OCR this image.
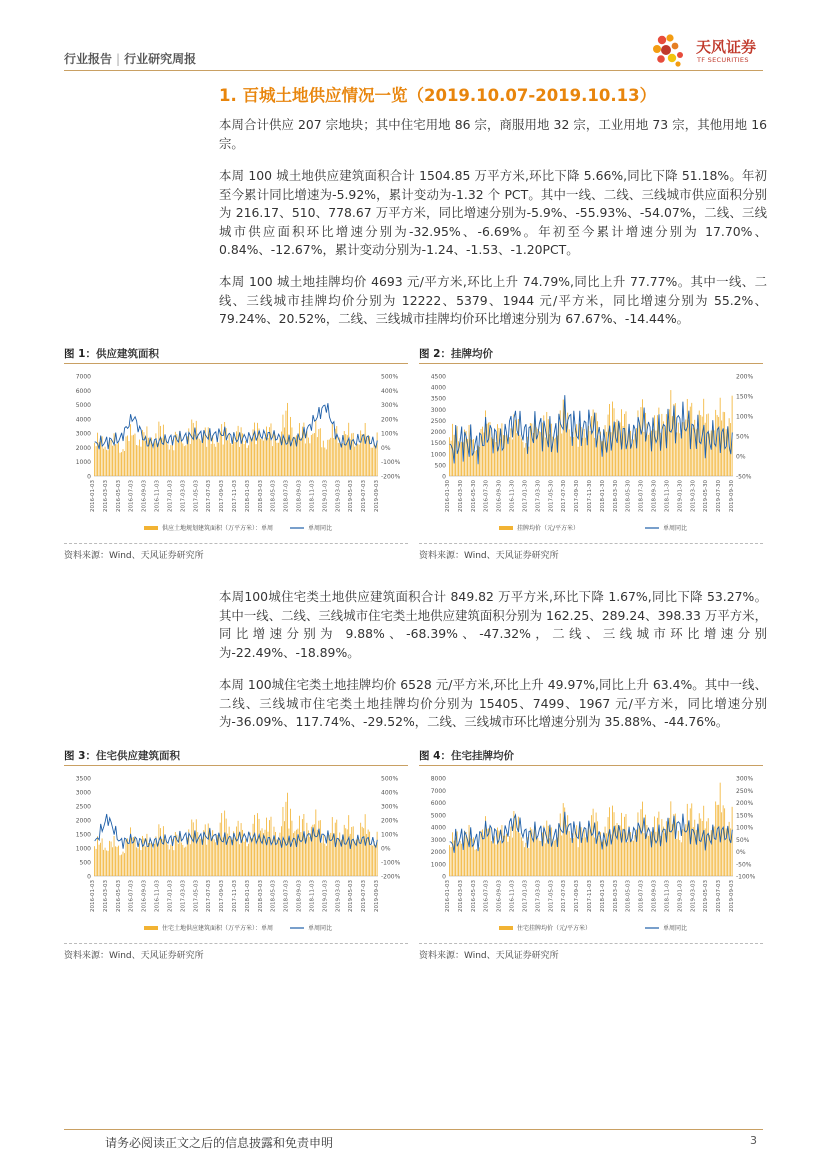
行业报告 | 行业研究周报
天风证券
TF SECURITIES
1. 百城土地供应情况一览（2019.10.07-2019.10.13）
本周合计供应 207 宗地块；其中住宅用地 86 宗，商服用地 32 宗，工业用地 73 宗，其他用地 16 宗。
本周 100 城土地供应建筑面积合计 1504.85 万平方米,环比下降 5.66%,同比下降 51.18%。年初至今累计同比增速为-5.92%，累计变动为-1.32 个 PCT。其中一线、二线、三线城市供应面积分别为 216.17、510、778.67 万平方米，同比增速分别为-5.9%、-55.93%、-54.07%，二线、三线城市供应面积环比增速分别为-32.95%、-6.69%。年初至今累计增速分别为 17.70%、0.84%、-12.67%，累计变动分别为-1.24、-1.53、-1.20PCT。
本周 100 城土地挂牌均价 4693 元/平方米,环比上升 74.79%,同比上升 77.77%。其中一线、二线、三线城市挂牌均价分别为 12222、5379、1944 元/平方米，同比增速分别为 55.2%、79.24%、20.52%，二线、三线城市挂牌均价环比增速分别为 67.67%、-14.44%。
图 1：供应建筑面积
7000
6000
5000
4000
3000
2000
1000
0
500%
400%
300%
200%
100%
0%
-100%
-200%
2016-01-03 2016-03-03 2016-05-03 2016-07-03 2016-09-03 2016-11-03 2017-01-03 2017-03-03 2017-05-03 2017-07-03 2017-09-03 2017-11-03 2018-01-03 2018-03-03 2018-05-03 2018-07-03 2018-09-03 2018-11-03 2019-01-03 2019-03-03 2019-05-03 2019-07-03 2019-09-03
供应土地规划建筑面积（万平方米）：单周	单周同比
资料来源：Wind、天风证券研究所
图 2：挂牌均价
4500
4000
3500
3000
2500
2000
1500
1000
500
0
200%
150%
100%
50%
0%
-50%
2016-01-30 2016-03-30 2016-05-30 2016-07-30 2016-09-30 2016-11-30 2017-01-30 2017-03-30 2017-05-30 2017-07-30 2017-09-30 2017-11-30 2018-01-30 2018-03-30 2018-05-30 2018-07-30 2018-09-30 2018-11-30 2019-01-30 2019-03-30 2019-05-30 2019-07-30 2019-09-30
挂牌均价（元/平方米）	单周同比
资料来源：Wind、天风证券研究所
本周100城住宅类土地供应建筑面积合计 849.82 万平方米,环比下降 1.67%,同比下降 53.27%。其中一线、二线、三线城市住宅类土地供应建筑面积分别为 162.25、289.24、398.33 万平方米，同比增速分别为 9.88%、-68.39%、-47.32%，二线、三线城市环比增速分别为-22.49%、-18.89%。
本周 100城住宅类土地挂牌均价 6528 元/平方米,环比上升 49.97%,同比上升 63.4%。其中一线、二线、三线城市住宅类土地挂牌均价分别为 15405、7499、1967 元/平方米，同比增速分别为-36.09%、117.74%、-29.52%，二线、三线城市环比增速分别为 35.88%、-44.76%。
图 3：住宅供应建筑面积
3500
3000
2500
2000
1500
1000
500
0
500%
400%
300%
200%
100%
0%
-100%
-200%
2016-01-03 2016-03-03 2016-05-03 2016-07-03 2016-09-03 2016-11-03 2017-01-03 2017-03-03 2017-05-03 2017-07-03 2017-09-03 2017-11-03 2018-01-03 2018-03-03 2018-05-03 2018-07-03 2018-09-03 2018-11-03 2019-01-03 2019-03-03 2019-05-03 2019-07-03 2019-09-03
住宅土地供应建筑面积（万平方米）：单周	单周同比
资料来源：Wind、天风证券研究所
图 4：住宅挂牌均价
8000
7000
6000
5000
4000
3000
2000
1000
0
300%
250%
200%
150%
100%
50%
0%
-50%
-100%
2016-01-03 2016-03-03 2016-05-03 2016-07-03 2016-09-03 2016-11-03 2017-01-03 2017-03-03 2017-05-03 2017-07-03 2017-09-03 2017-11-03 2018-01-03 2018-03-03 2018-05-03 2018-07-03 2018-09-03 2018-11-03 2019-01-03 2019-03-03 2019-05-03 2019-07-03 2019-09-03
住宅挂牌均价（元/平方米）	单周同比
资料来源：Wind、天风证券研究所
请务必阅读正文之后的信息披露和免责申明	3
